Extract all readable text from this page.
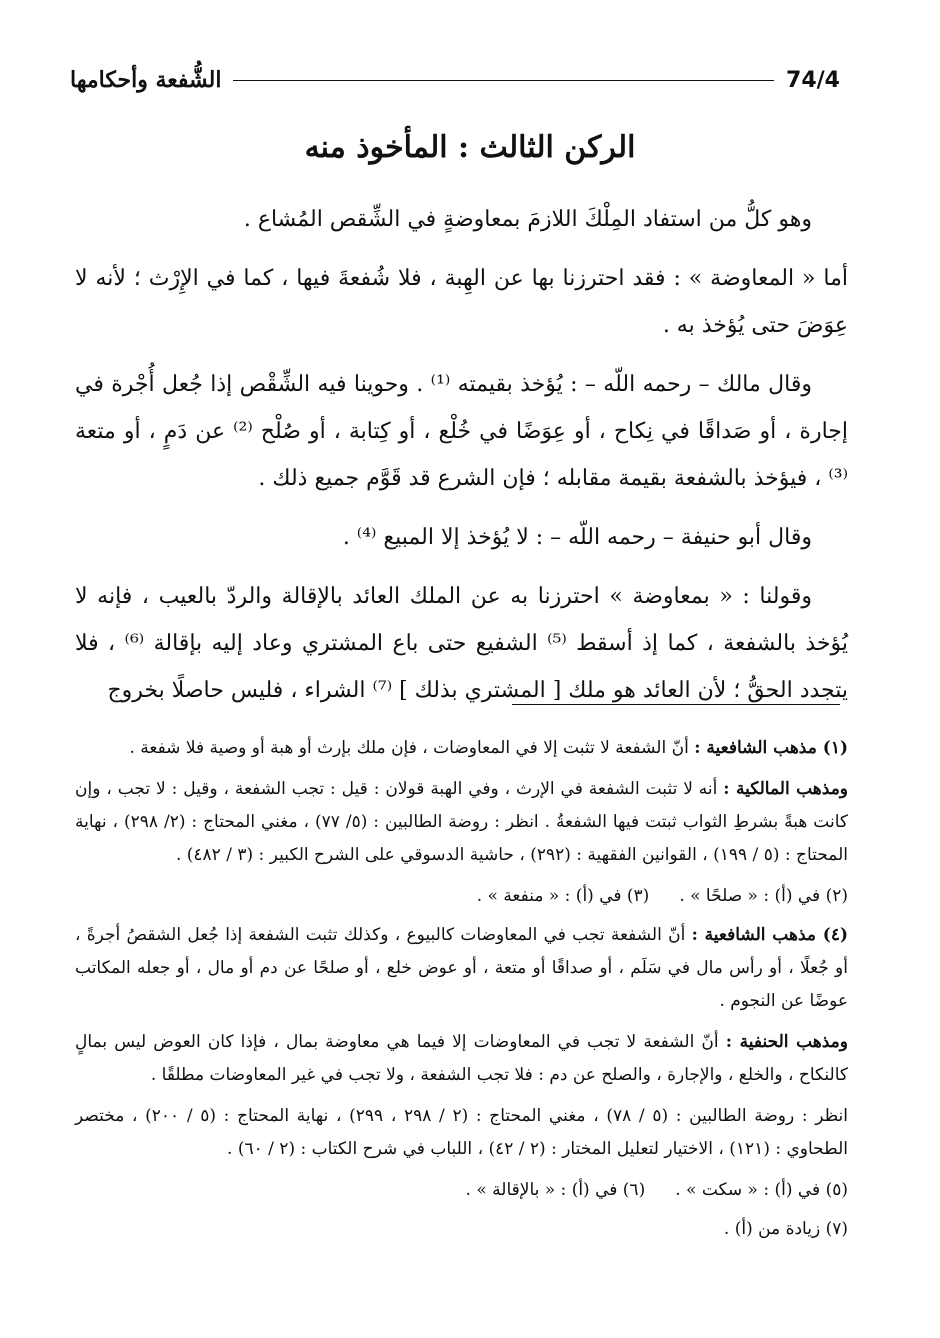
74/4
الشُّفعة وأحكامها
الركن الثالث : المأخوذ منه

وهو كلُّ من استفاد المِلْكَ اللازمَ بمعاوضةٍ في الشِّقص المُشاع .

أما « المعاوضة » : فقد احترزنا بها عن الهِبة ، فلا شُفعةَ فيها ، كما في الإِرْث ؛ لأنه لا عِوَضَ حتى يُؤخذ به .

وقال مالك – رحمه اللّه – : يُؤخذ بقيمته ⁽¹⁾ . وحوينا فيه الشِّقْص إذا جُعل أُجْرة في إجارة ، أو صَداقًا في نِكاح ، أو عِوَضًا في خُلْع ، أو كِتابة ، أو صُلْح ⁽²⁾ عن دَمٍ ، أو متعة ⁽³⁾ ، فيؤخذ بالشفعة بقيمة مقابله ؛ فإن الشرع قد قَوَّم جميع ذلك .

وقال أبو حنيفة – رحمه اللّه – : لا يُؤخذ إلا المبيع ⁽⁴⁾ .

وقولنا : « بمعاوضة » احترزنا به عن الملك العائد بالإقالة والردّ بالعيب ، فإنه لا يُؤخذ بالشفعة ، كما إذ أسقط ⁽⁵⁾ الشفيع حتى باع المشتري وعاد إليه بإقالة ⁽⁶⁾ ، فلا يتجدد الحقُّ ؛ لأن العائد هو ملك [ المشتري بذلك ] ⁽⁷⁾ الشراء ، فليس حاصلًا بخروج

(١) مذهب الشافعية : أنّ الشفعة لا تثبت إلا في المعاوضات ، فإن ملك بإرث أو هبة أو وصية فلا شفعة .

ومذهب المالكية : أنه لا تثبت الشفعة في الإرث ، وفي الهبة قولان : قيل : تجب الشفعة ، وقيل : لا تجب ، وإن كانت هبةً بشرطِ الثواب ثبتت فيها الشفعةُ . انظر : روضة الطالبين : (٥/ ٧٧) ، مغني المحتاج : (٢/ ٢٩٨) ، نهاية المحتاج : (٥ / ١٩٩) ، القوانين الفقهية : (٢٩٢) ، حاشية الدسوقي على الشرح الكبير : (٣ / ٤٨٢) .

(٢) في (أ) : « صلحًا » .
(٣) في (أ) : « منفعة » .

(٤) مذهب الشافعية : أنّ الشفعة تجب في المعاوضات كالبيوع ، وكذلك تثبت الشفعة إذا جُعل الشقصُ أجرةً ، أو جُعلًا ، أو رأس مال في سَلَم ، أو صداقًا أو متعة ، أو عوض خلع ، أو صلحًا عن دم أو مال ، أو جعله المكاتب عوضًا عن النجوم .

ومذهب الحنفية : أنّ الشفعة لا تجب في المعاوضات إلا فيما هي معاوضة بمال ، فإذا كان العوض ليس بمالٍ كالنكاح ، والخلع ، والإجارة ، والصلح عن دم : فلا تجب الشفعة ، ولا تجب في غير المعاوضات مطلقًا .

انظر : روضة الطالبين : (٥ / ٧٨) ، مغني المحتاج : (٢ / ٢٩٨ ، ٢٩٩) ، نهاية المحتاج : (٥ / ٢٠٠) ، مختصر الطحاوي : (١٢١) ، الاختيار لتعليل المختار : (٢ / ٤٢) ، اللباب في شرح الكتاب : (٢ / ٦٠) .

(٥) في (أ) : « سكت » .
(٦) في (أ) : « بالإقالة » .

(٧) زيادة من (أ) .
